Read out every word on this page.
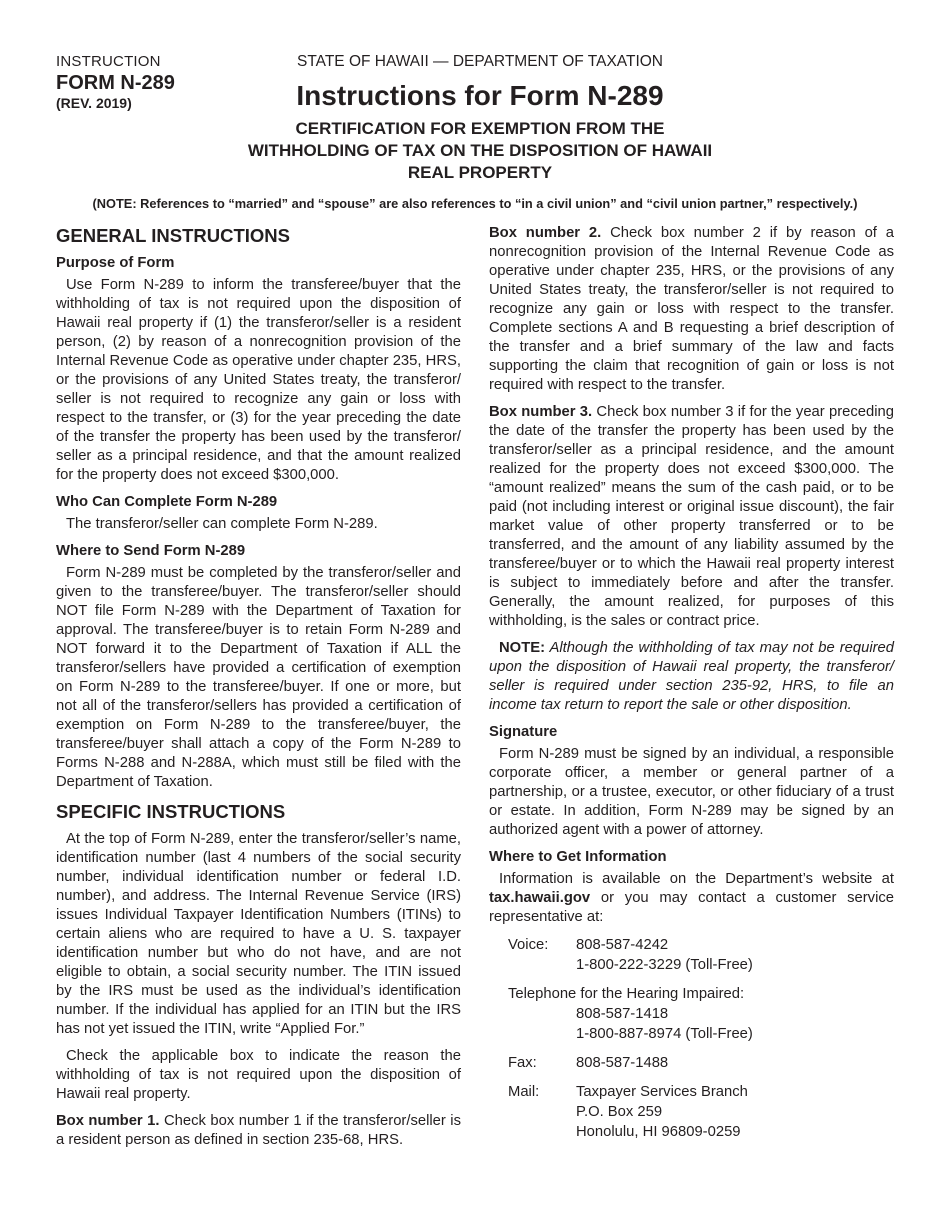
INSTRUCTION
FORM N-289
(REV. 2019)
STATE OF HAWAII — DEPARTMENT OF TAXATION
Instructions for Form N-289
CERTIFICATION FOR EXEMPTION FROM THE
WITHHOLDING OF TAX ON THE DISPOSITION OF HAWAII
REAL PROPERTY
(NOTE: References to “married” and “spouse” are also references to “in a civil union” and “civil union partner,” respectively.)
GENERAL INSTRUCTIONS
Purpose of Form

Use Form N-289 to inform the transferee/buyer that the withholding of tax is not required upon the disposition of Hawaii real property if (1) the transferor/seller is a resident person, (2) by reason of a nonrecognition provision of the Internal Revenue Code as operative under chapter 235, HRS, or the provisions of any United States treaty, the transferor/ seller is not required to recognize any gain or loss with respect to the transfer, or (3) for the year preceding the date of the transfer the property has been used by the transferor/ seller as a principal residence, and that the amount realized for the property does not exceed $300,000.

Who Can Complete Form N-289

The transferor/seller can complete Form N-289.

Where to Send Form N-289

Form N-289 must be completed by the transferor/seller and given to the transferee/buyer. The transferor/seller should NOT file Form N-289 with the Department of Taxation for approval. The transferee/buyer is to retain Form N-289 and NOT forward it to the Department of Taxation if ALL the transferor/sellers have provided a certification of exemption on Form N-289 to the transferee/buyer. If one or more, but not all of the transferor/sellers has provided a certification of exemption on Form N-289 to the transferee/buyer, the transferee/buyer shall attach a copy of the Form N-289 to Forms N-288 and N-288A, which must still be filed with the Department of Taxation.

SPECIFIC INSTRUCTIONS

At the top of Form N-289, enter the transferor/seller’s name, identification number (last 4 numbers of the social security number, individual identification number or federal I.D. number), and address. The Internal Revenue Service (IRS) issues Individual Taxpayer Identification Numbers (ITINs) to certain aliens who are required to have a U. S. taxpayer identification number but who do not have, and are not eligible to obtain, a social security number. The ITIN issued by the IRS must be used as the individual’s identification number. If the individual has applied for an ITIN but the IRS has not yet issued the ITIN, write “Applied For.”

Check the applicable box to indicate the reason the withholding of tax is not required upon the disposition of Hawaii real property.

Box number 1. Check box number 1 if the transferor/seller is a resident person as defined in section 235-68, HRS.

Box number 2. Check box number 2 if by reason of a nonrecognition provision of the Internal Revenue Code as operative under chapter 235, HRS, or the provisions of any United States treaty, the transferor/seller is not required to recognize any gain or loss with respect to the transfer. Complete sections A and B requesting a brief description of the transfer and a brief summary of the law and facts supporting the claim that recognition of gain or loss is not required with respect to the transfer.

Box number 3. Check box number 3 if for the year preceding the date of the transfer the property has been used by the transferor/seller as a principal residence, and the amount realized for the property does not exceed $300,000. The “amount realized” means the sum of the cash paid, or to be paid (not including interest or original issue discount), the fair market value of other property transferred or to be transferred, and the amount of any liability assumed by the transferee/buyer or to which the Hawaii real property interest is subject to immediately before and after the transfer. Generally, the amount realized, for purposes of this withholding, is the sales or contract price.

NOTE: Although the withholding of tax may not be required upon the disposition of Hawaii real property, the transferor/ seller is required under section 235-92, HRS, to file an income tax return to report the sale or other disposition.

Signature

Form N-289 must be signed by an individual, a responsible corporate officer, a member or general partner of a partnership, or a trustee, executor, or other fiduciary of a trust or estate. In addition, Form N-289 may be signed by an authorized agent with a power of attorney.

Where to Get Information

Information is available on the Department’s website at tax.hawaii.gov or you may contact a customer service representative at:

Voice:	808-587-4242
1-800-222-3229 (Toll-Free)
Telephone for the Hearing Impaired:
808-587-1418
1-800-887-8974 (Toll-Free)
Fax:	808-587-1488
Mail:	Taxpayer Services Branch
P.O. Box 259
Honolulu, HI 96809-0259
